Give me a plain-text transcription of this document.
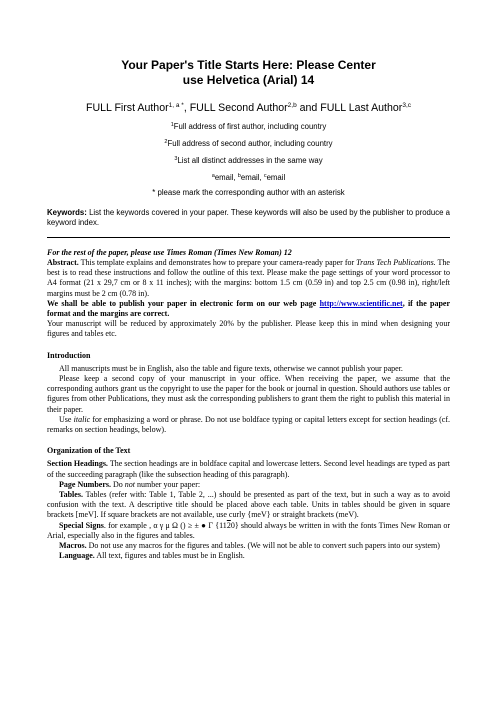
Your Paper's Title Starts Here: Please Center
use Helvetica (Arial) 14
FULL First Author$^{1, a *}$, FULL Second Author$^{2,b}$ and FULL Last Author$^{3,c}$
$^1$Full address of first author, including country
$^2$Full address of second author, including country
$^3$List all distinct addresses in the same way
$^a$email, $^b$email, $^c$email
* please mark the corresponding author with an asterisk
Keywords: List the keywords covered in your paper. These keywords will also be used by the publisher to produce a keyword index.

For the rest of the paper, please use Times Roman (Times New Roman) 12

Abstract. This template explains and demonstrates how to prepare your camera-ready paper for Trans Tech Publications. The best is to read these instructions and follow the outline of this text. Please make the page settings of your word processor to A4 format (21 x 29,7 cm or 8 x 11 inches); with the margins: bottom 1.5 cm (0.59 in) and top 2.5 cm (0.98 in), right/left margins must be 2 cm (0.78 in).

We shall be able to publish your paper in electronic form on our web page http://www.scientific.net, if the paper format and the margins are correct.

Your manuscript will be reduced by approximately 20% by the publisher. Please keep this in mind when designing your figures and tables etc.

Introduction

All manuscripts must be in English, also the table and figure texts, otherwise we cannot publish your paper.

Please keep a second copy of your manuscript in your office. When receiving the paper, we assume that the corresponding authors grant us the copyright to use the paper for the book or journal in question. Should authors use tables or figures from other Publications, they must ask the corresponding publishers to grant them the right to publish this material in their paper.

Use italic for emphasizing a word or phrase. Do not use boldface typing or capital letters except for section headings (cf. remarks on section headings, below).

Organization of the Text

Section Headings. The section headings are in boldface capital and lowercase letters. Second level headings are typed as part of the succeeding paragraph (like the subsection heading of this paragraph).

Page Numbers. Do not number your paper:

Tables. Tables (refer with: Table 1, Table 2, ...) should be presented as part of the text, but in such a way as to avoid confusion with the text. A descriptive title should be placed above each table. Units in tables should be given in square brackets [meV]. If square brackets are not available, use curly {meV} or straight brackets (meV).

Special Signs. for example , α γ μ Ω () ≥ ± ● Γ {1120} should always be written in with the fonts Times New Roman or Arial, especially also in the figures and tables.

Macros. Do not use any macros for the figures and tables. (We will not be able to convert such papers into our system)

Language. All text, figures and tables must be in English.
